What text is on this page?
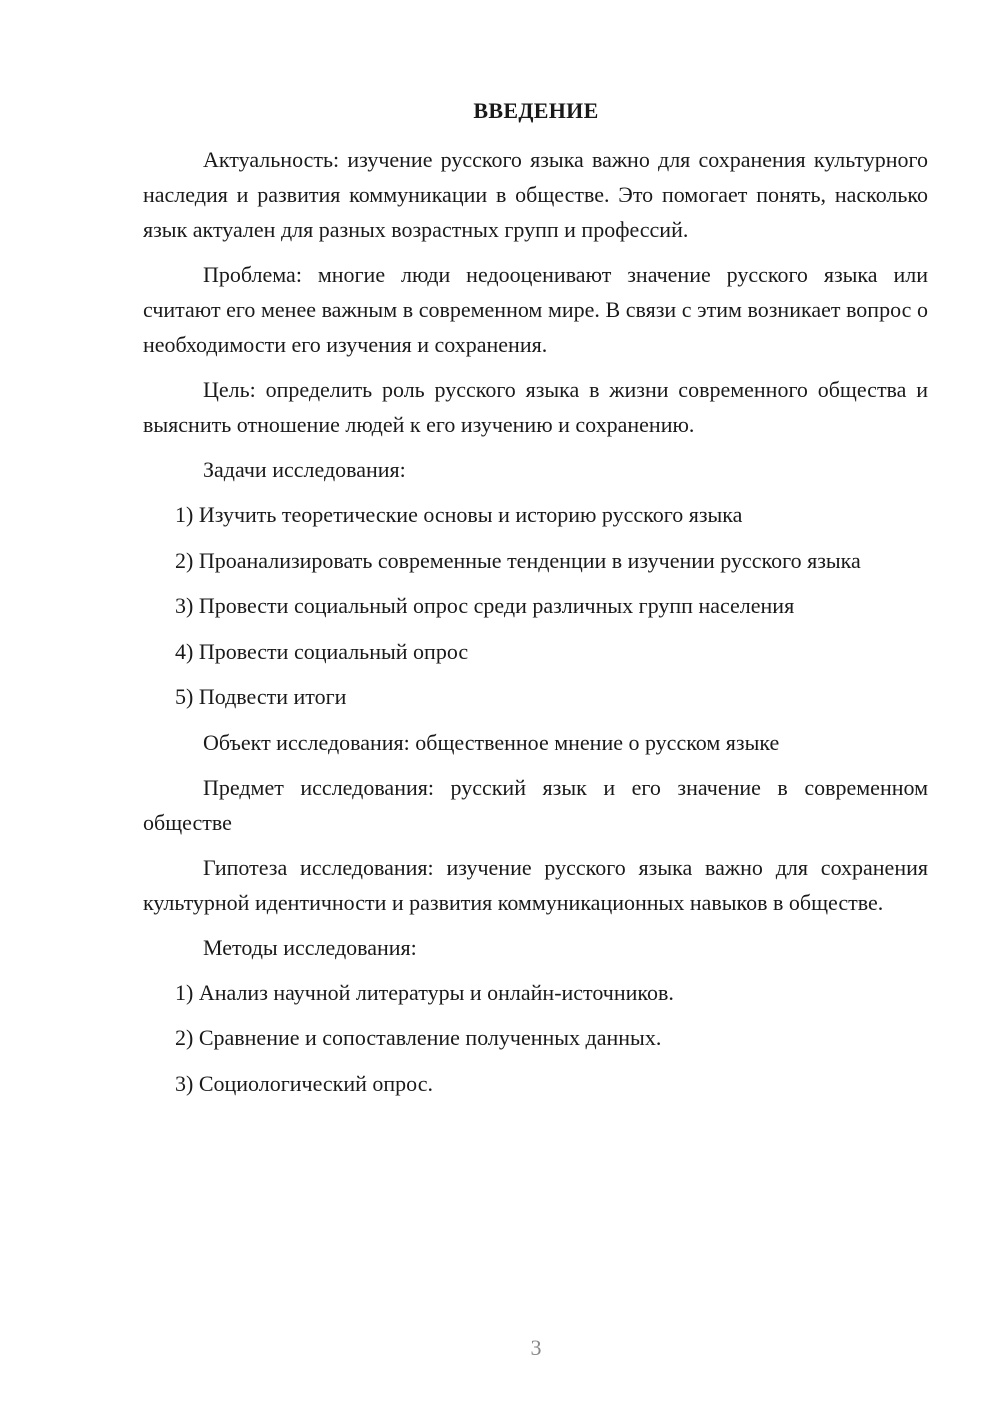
ВВЕДЕНИЕ

Актуальность: изучение русского языка важно для сохранения культурного наследия и развития коммуникации в обществе. Это помогает понять, насколько язык актуален для разных возрастных групп и профессий.

Проблема: многие люди недооценивают значение русского языка или считают его менее важным в современном мире. В связи с этим возникает вопрос о необходимости его изучения и сохранения.

Цель: определить роль русского языка в жизни современного общества и выяснить отношение людей к его изучению и сохранению.

Задачи исследования:

1) Изучить теоретические основы и историю русского языка

2) Проанализировать современные тенденции в изучении русского языка

3) Провести социальный опрос среди различных групп населения

4) Провести социальный опрос

5) Подвести итоги

Объект исследования: общественное мнение о русском языке

Предмет исследования: русский язык и его значение в современном обществе

Гипотеза исследования: изучение русского языка важно для сохранения культурной идентичности и развития коммуникационных навыков в обществе.

Методы исследования:

1) Анализ научной литературы и онлайн-источников.

2) Сравнение и сопоставление полученных данных.

3) Социологический опрос.

3
